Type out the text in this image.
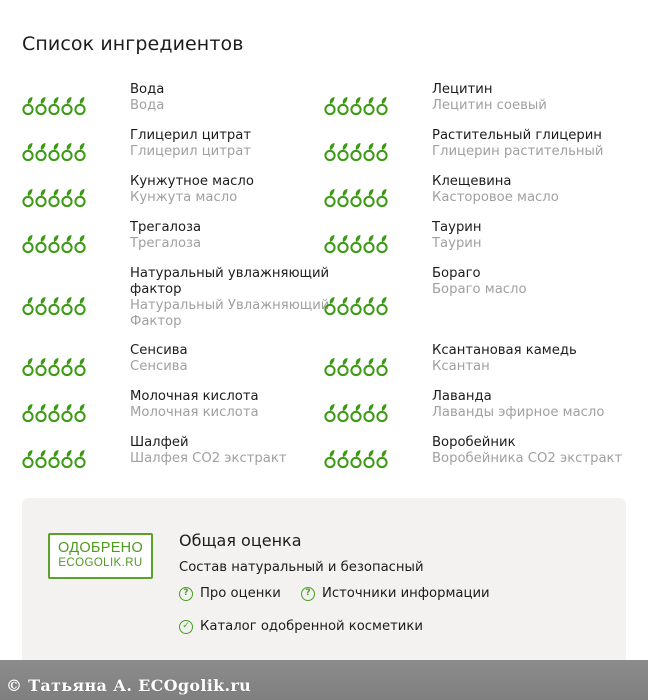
Список ингредиентов
Вода
Вода
Лецитин
Лецитин соевый
Глицерил цитрат
Глицерил цитрат
Растительный глицерин
Глицерин растительный
Кунжутное масло
Кунжута масло
Клещевина
Касторовое масло
Трегалоза
Трегалоза
Таурин
Таурин
Натуральный увлажняющий фактор
Натуральный Увлажняющий Фактор
Бораго
Бораго масло
Сенсива
Сенсива
Ксантановая камедь
Ксантан
Молочная кислота
Молочная кислота
Лаванда
Лаванды эфирное масло
Шалфей
Шалфея CO2 экстракт
Воробейник
Воробейника CO2 экстракт
ОДОБРЕНО
ECOGOLIK.RU
Общая оценка
Состав натуральный и безопасный
? Про оценки	? Источники информации
✓ Каталог одобренной косметики
© Татьяна А. ECOgolik.ru
